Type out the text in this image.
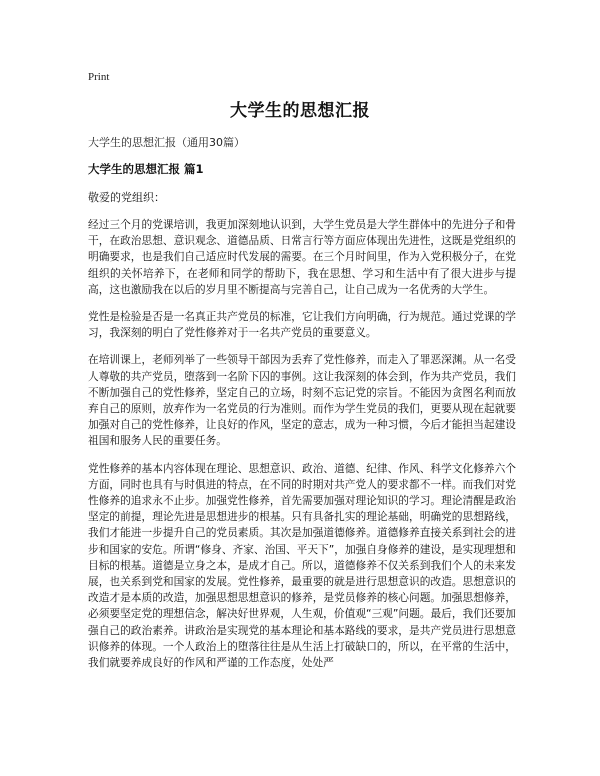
Print
大学生的思想汇报
大学生的思想汇报（通用30篇）
大学生的思想汇报 篇1
敬爱的党组织：

经过三个月的党课培训，我更加深刻地认识到，大学生党员是大学生群体中的先进分子和骨干，在政治思想、意识观念、道德品质、日常言行等方面应体现出先进性，这既是党组织的明确要求，也是我们自己适应时代发展的需要。在三个月时间里，作为入党积极分子，在党组织的关怀培养下，在老师和同学的帮助下，我在思想、学习和生活中有了很大进步与提高，这也激励我在以后的岁月里不断提高与完善自己，让自己成为一名优秀的大学生。

党性是检验是否是一名真正共产党员的标准，它让我们方向明确，行为规范。通过党课的学习，我深刻的明白了党性修养对于一名共产党员的重要意义。

在培训课上，老师列举了一些领导干部因为丢弃了党性修养，而走入了罪恶深渊。从一名受人尊敬的共产党员，堕落到一名阶下囚的事例。这让我深刻的体会到，作为共产党员，我们不断加强自己的党性修养，坚定自己的立场，时刻不忘记党的宗旨。不能因为贪图名利而放弃自己的原则，放弃作为一名党员的行为准则。而作为学生党员的我们，更要从现在起就要加强对自己的党性修养，让良好的作风，坚定的意志，成为一种习惯，今后才能担当起建设祖国和服务人民的重要任务。

党性修养的基本内容体现在理论、思想意识、政治、道德、纪律、作风、科学文化修养六个方面，同时也具有与时俱进的特点，在不同的时期对共产党人的要求都不一样。而我们对党性修养的追求永不止步。加强党性修养，首先需要加强对理论知识的学习。理论清醒是政治坚定的前提，理论先进是思想进步的根基。只有具备扎实的理论基础，明确党的思想路线，我们才能进一步提升自己的党员素质。其次是加强道德修养。道德修养直接关系到社会的进步和国家的安危。所谓“修身、齐家、治国、平天下”，加强自身修养的建设，是实现理想和目标的根基。道德是立身之本，是成才自己。所以，道德修养不仅关系到我们个人的未来发展，也关系到党和国家的发展。党性修养，最重要的就是进行思想意识的改造。思想意识的改造才是本质的改造，加强思想思想意识的修养，是党员修养的核心问题。加强思想修养，必须要坚定党的理想信念，解决好世界观，人生观，价值观“三观”问题。最后，我们还要加强自己的政治素养。讲政治是实现党的基本理论和基本路线的要求，是共产党员进行思想意识修养的体现。一个人政治上的堕落往往是从生活上打破缺口的，所以，在平常的生活中，我们就要养成良好的作风和严谨的工作态度，处处严
